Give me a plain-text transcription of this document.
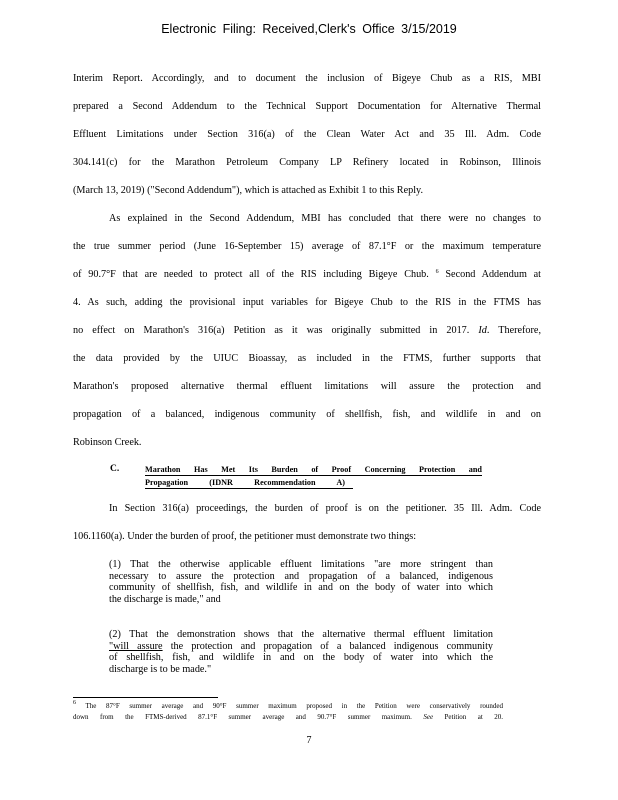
Electronic Filing: Received,Clerk's Office 3/15/2019
Interim Report. Accordingly, and to document the inclusion of Bigeye Chub as a RIS, MBI
prepared a Second Addendum to the Technical Support Documentation for Alternative Thermal
Effluent Limitations under Section 316(a) of the Clean Water Act and 35 Ill. Adm. Code
304.141(c) for the Marathon Petroleum Company LP Refinery located in Robinson, Illinois
(March 13, 2019) ("Second Addendum"), which is attached as Exhibit 1 to this Reply.
As explained in the Second Addendum, MBI has concluded that there were no changes to
the true summer period (June 16-September 15) average of 87.1°F or the maximum temperature
of 90.7°F that are needed to protect all of the RIS including Bigeye Chub. $^6$ Second Addendum at
4. As such, adding the provisional input variables for Bigeye Chub to the RIS in the FTMS has
no effect on Marathon's 316(a) Petition as it was originally submitted in 2017. Id. Therefore,
the data provided by the UIUC Bioassay, as included in the FTMS, further supports that
Marathon's proposed alternative thermal effluent limitations will assure the protection and
propagation of a balanced, indigenous community of shellfish, fish, and wildlife in and on
Robinson Creek.
C.	Marathon Has Met Its Burden of Proof Concerning Protection and
Propagation (IDNR Recommendation A)
In Section 316(a) proceedings, the burden of proof is on the petitioner. 35 Ill. Adm. Code
106.1160(a). Under the burden of proof, the petitioner must demonstrate two things:
(1) That the otherwise applicable effluent limitations "are more stringent than
necessary to assure the protection and propagation of a balanced, indigenous
community of shellfish, fish, and wildlife in and on the body of water into which
the discharge is made," and
(2) That the demonstration shows that the alternative thermal effluent limitation
"will assure the protection and propagation of a balanced indigenous community
of shellfish, fish, and wildlife in and on the body of water into which the
discharge is to be made."
$^6$ The 87°F summer average and 90°F summer maximum proposed in the Petition were conservatively rounded
down from the FTMS-derived 87.1°F summer average and 90.7°F summer maximum. See Petition at 20.
7
